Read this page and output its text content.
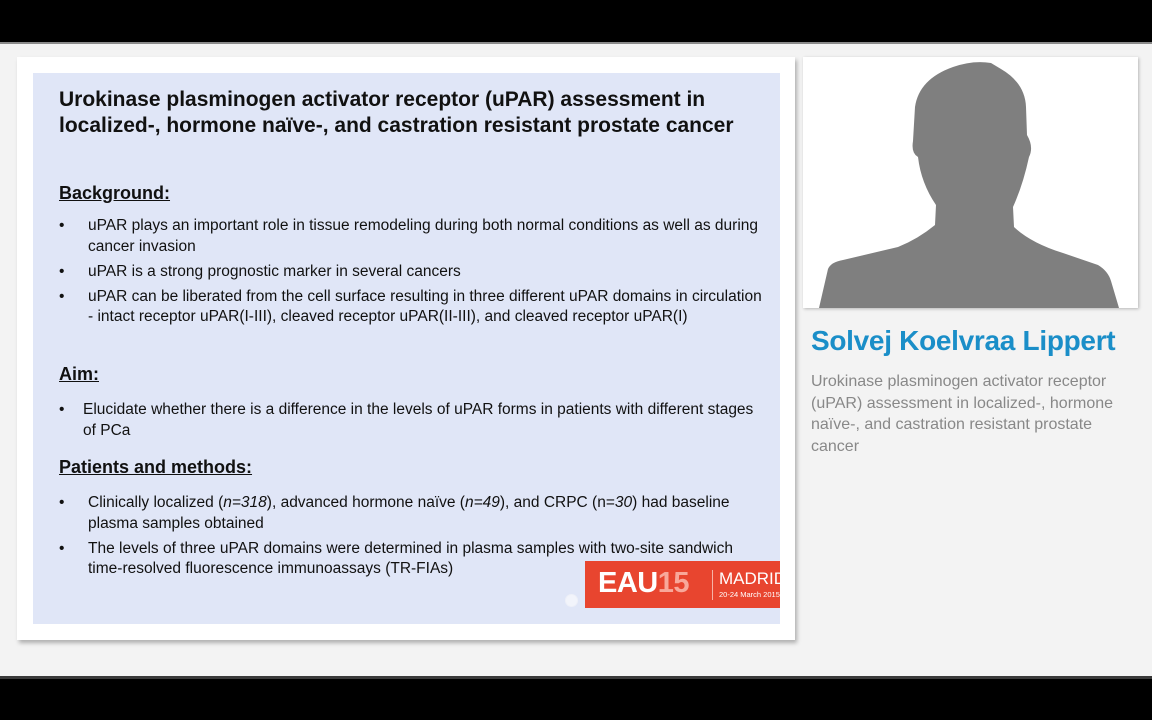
Urokinase plasminogen activator receptor (uPAR) assessment in localized-, hormone naïve-, and castration resistant prostate cancer
Background:
• uPAR plays an important role in tissue remodeling during both normal conditions as well as during cancer invasion
• uPAR is a strong prognostic marker in several cancers
• uPAR can be liberated from the cell surface resulting in three different uPAR domains in circulation - intact receptor uPAR(I-III), cleaved receptor uPAR(II-III), and cleaved receptor uPAR(I)
Aim:
• Elucidate whether there is a difference in the levels of uPAR forms in patients with different stages of PCa
Patients and methods:
• Clinically localized (n=318), advanced hormone naïve (n=49), and CRPC (n=30) had baseline plasma samples obtained
• The levels of three uPAR domains were determined in plasma samples with two-site sandwich time-resolved fluorescence immunoassays (TR-FIAs)	EAU15 MADRID
20-24 March 2015
Solvej Koelvraa Lippert
Urokinase plasminogen activator receptor (uPAR) assessment in localized-, hormone naïve-, and castration resistant prostate cancer
